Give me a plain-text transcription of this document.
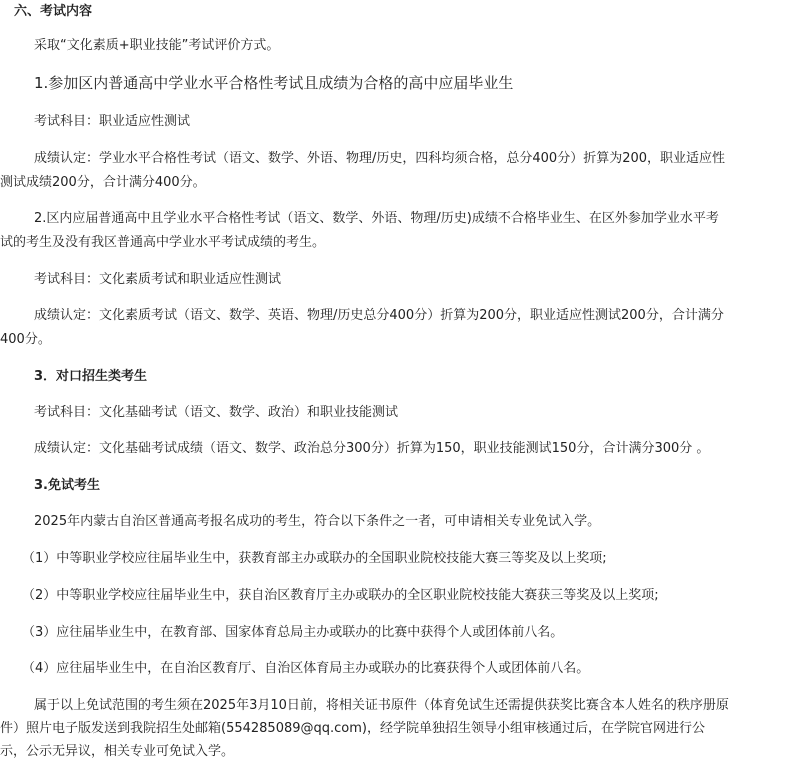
六、考试内容
采取“文化素质+职业技能”考试评价方式。
1.参加区内普通高中学业水平合格性考试且成绩为合格的高中应届毕业生
考试科目：职业适应性测试
成绩认定：学业水平合格性考试（语文、数学、外语、物理/历史，四科均须合格，总分400分）折算为200，职业适应性
测试成绩200分，合计满分400分。
2.区内应届普通高中且学业水平合格性考试（语文、数学、外语、物理/历史)成绩不合格毕业生、在区外参加学业水平考
试的考生及没有我区普通高中学业水平考试成绩的考生。
考试科目：文化素质考试和职业适应性测试
成绩认定：文化素质考试（语文、数学、英语、物理/历史总分400分）折算为200分，职业适应性测试200分，合计满分
400分。
3．对口招生类考生
考试科目：文化基础考试（语文、数学、政治）和职业技能测试
成绩认定：文化基础考试成绩（语文、数学、政治总分300分）折算为150，职业技能测试150分，合计满分300分 。
3.免试考生
2025年内蒙古自治区普通高考报名成功的考生，符合以下条件之一者，可申请相关专业免试入学。
（1）中等职业学校应往届毕业生中，获教育部主办或联办的全国职业院校技能大赛三等奖及以上奖项;
（2）中等职业学校应往届毕业生中，获自治区教育厅主办或联办的全区职业院校技能大赛获三等奖及以上奖项;
（3）应往届毕业生中，在教育部、国家体育总局主办或联办的比赛中获得个人或团体前八名。
（4）应往届毕业生中，在自治区教育厅、自治区体育局主办或联办的比赛获得个人或团体前八名。
属于以上免试范围的考生须在2025年3月10日前，将相关证书原件（体育免试生还需提供获奖比赛含本人姓名的秩序册原
件）照片电子版发送到我院招生处邮箱(554285089@qq.com)，经学院单独招生领导小组审核通过后，在学院官网进行公
示，公示无异议，相关专业可免试入学。
